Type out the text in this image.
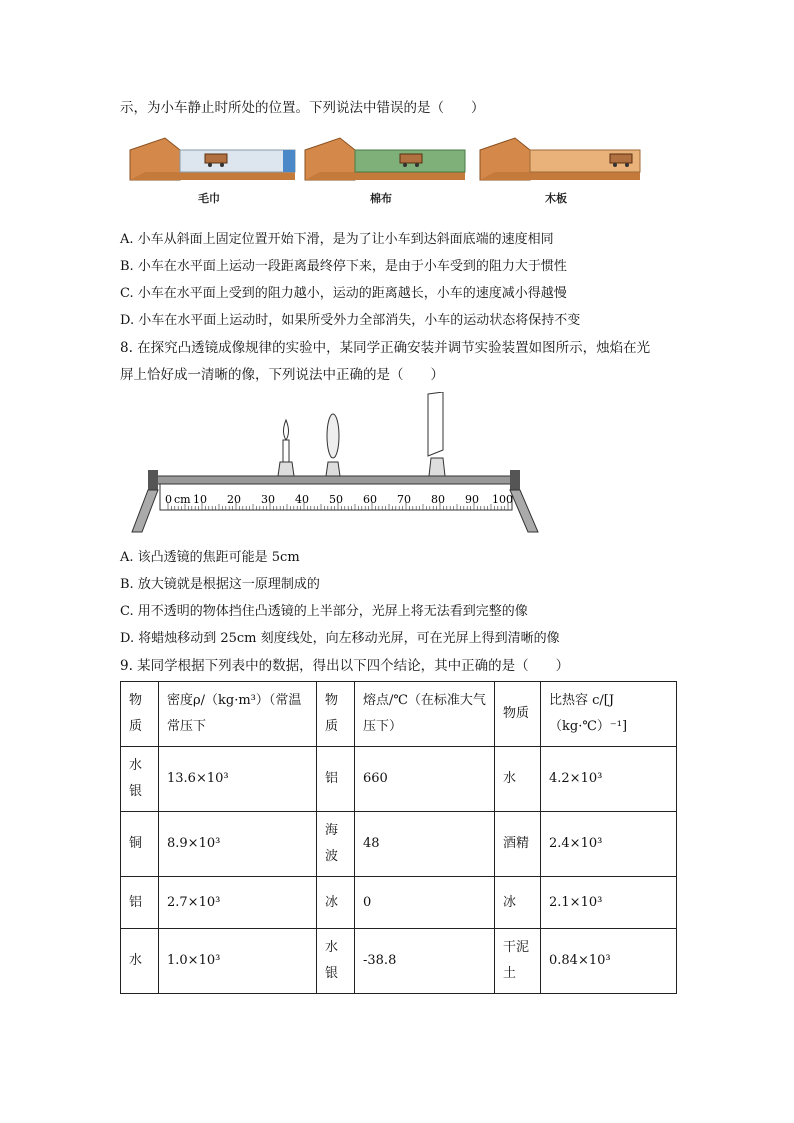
示，为小车静止时所处的位置。下列说法中错误的是（　　）
毛巾	棉布	木板
A. 小车从斜面上固定位置开始下滑，是为了让小车到达斜面底端的速度相同
B. 小车在水平面上运动一段距离最终停下来，是由于小车受到的阻力大于惯性
C. 小车在水平面上受到的阻力越小，运动的距离越长，小车的速度减小得越慢
D. 小车在水平面上运动时，如果所受外力全部消失，小车的运动状态将保持不变
8. 在探究凸透镜成像规律的实验中，某同学正确安装并调节实验装置如图所示，烛焰在光
屏上恰好成一清晰的像，下列说法中正确的是（　　）
0 cm 10 20 30 40 50 60 70 80 90 100
A. 该凸透镜的焦距可能是 5cm
B. 放大镜就是根据这一原理制成的
C. 用不透明的物体挡住凸透镜的上半部分，光屏上将无法看到完整的像
D. 将蜡烛移动到 25cm 刻度线处，向左移动光屏，可在光屏上得到清晰的像
9. 某同学根据下列表中的数据，得出以下四个结论，其中正确的是（　　）
物质	密度ρ/（kg·m³）（常温常压下	物质	熔点/℃（在标准大气压下）	物质	比热容 c/[J（kg·℃）⁻¹]
水银	13.6×10³	铝	660	水	4.2×10³
铜	8.9×10³	海波	48	酒精	2.4×10³
铝	2.7×10³	冰	0	冰	2.1×10³
水	1.0×10³	水银	-38.8	干泥土	0.84×10³
